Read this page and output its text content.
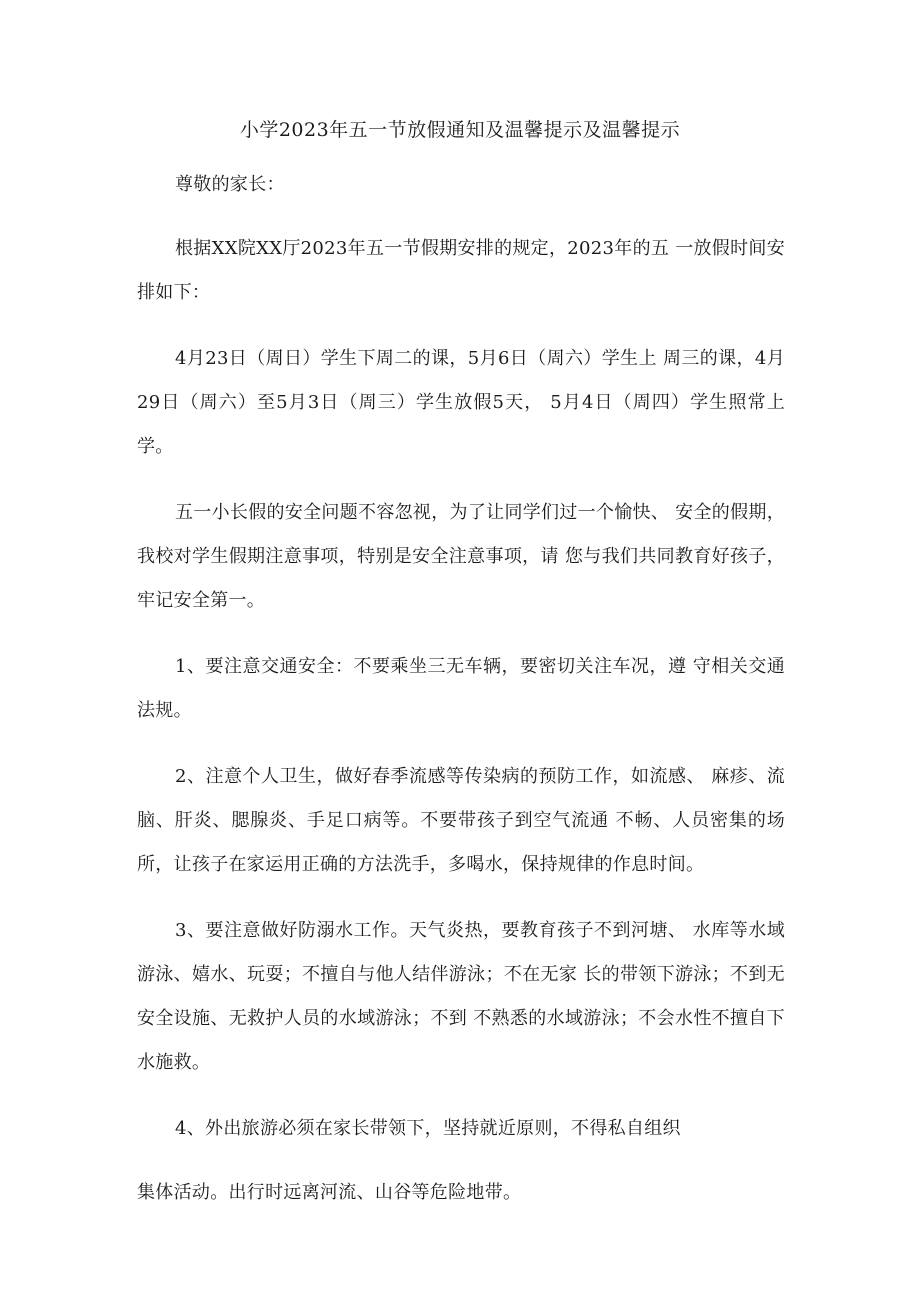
小学2023年五一节放假通知及温馨提示及温馨提示

尊敬的家长：

根据XX院XX厅2023年五一节假期安排的规定，2023年的五 一放假时间安排如下：

4月23日（周日）学生下周二的课，5月6日（周六）学生上 周三的课，4月29日（周六）至5月3日（周三）学生放假5天， 5月4日（周四）学生照常上学。

五一小长假的安全问题不容忽视，为了让同学们过一个愉快、 安全的假期，我校对学生假期注意事项，特别是安全注意事项，请 您与我们共同教育好孩子，牢记安全第一。

1、要注意交通安全：不要乘坐三无车辆，要密切关注车况，遵 守相关交通法规。

2、注意个人卫生，做好春季流感等传染病的预防工作，如流感、 麻疹、流脑、肝炎、腮腺炎、手足口病等。不要带孩子到空气流通 不畅、人员密集的场所，让孩子在家运用正确的方法洗手，多喝水，保持规律的作息时间。

3、要注意做好防溺水工作。天气炎热，要教育孩子不到河塘、 水库等水域游泳、嬉水、玩耍；不擅自与他人结伴游泳；不在无家 长的带领下游泳；不到无安全设施、无救护人员的水域游泳；不到 不熟悉的水域游泳；不会水性不擅自下水施救。

4、外出旅游必须在家长带领下，坚持就近原则，不得私自组织

集体活动。出行时远离河流、山谷等危险地带。
